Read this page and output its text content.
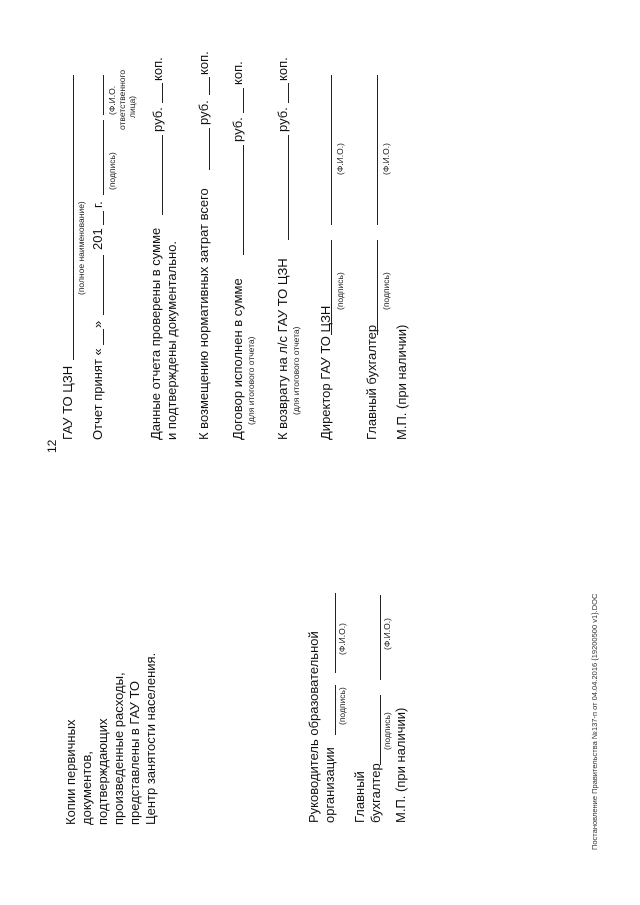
12
Постановление Правительства №137-п от 04.04.2016 {19200500 v1}.DOC
Копии первичных документов, подтверждающих произведенные расходы, представлены в ГАУ ТО Центр занятости населения.	Руководитель образовательной организации
(подпись)
(Ф.И.О.)
Главный бухгалтер
(подпись)
(Ф.И.О.)
М.П. (при наличии)
ГАУ ТО ЦЗН
(полное наименование)
Отчет принят «
»
201
г.
(подпись)
(Ф.И.О. ответственного лица)
Данные отчета проверены в сумме и подтверждены документально.
руб.
коп.
К возмещению нормативных затрат всего
руб.
коп.
Договор исполнен в сумме (для итогового отчета)
руб.
коп.
К возврату на л/с ГАУ ТО ЦЗН (для итогового отчета)
руб.
коп.
Директор ГАУ ТО ЦЗН
(подпись)
(Ф.И.О.)
Главный бухгалтер
(подпись)
(Ф.И.О.)
М.П. (при наличии)
